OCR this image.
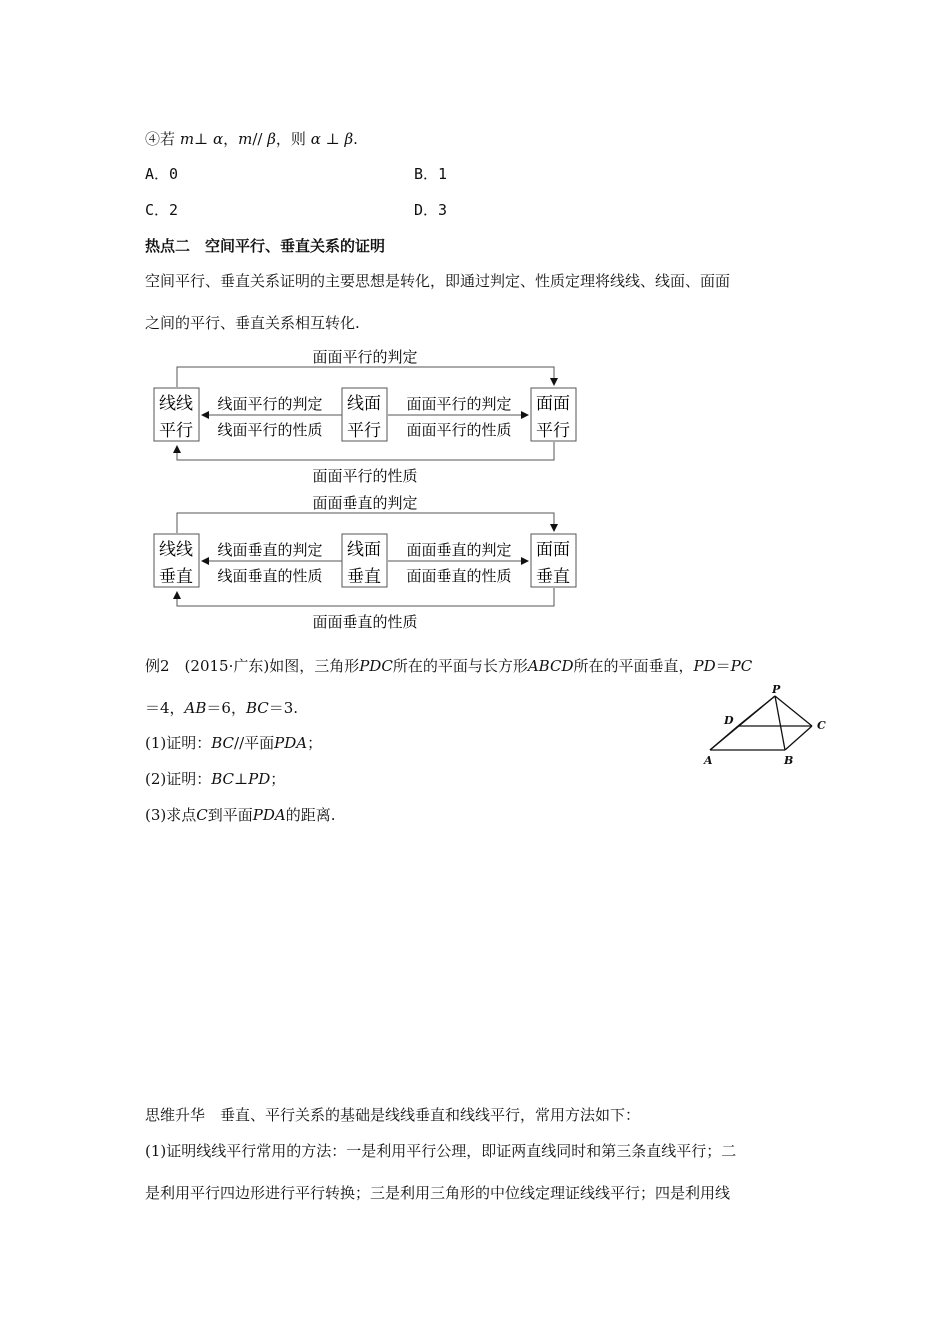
④若 m⊥ α，m// β，则 α ⊥ β.
A．0	B．1
C．2	D．3
热点二　空间平行、垂直关系的证明
空间平行、垂直关系证明的主要思想是转化，即通过判定、性质定理将线线、线面、面面
之间的平行、垂直关系相互转化.
面面平行的判定
面面平行的性质
线线
平行
线面
平行
面面
平行
线面平行的判定
线面平行的性质
面面平行的判定
面面平行的性质
面面垂直的判定
面面垂直的性质
线线
垂直
线面
垂直
面面
垂直
线面垂直的判定
线面垂直的性质
面面垂直的判定
面面垂直的性质
例2　(2015·广东)如图，三角形PDC所在的平面与长方形ABCD所在的平面垂直，PD＝PC
＝4，AB＝6，BC＝3.
(1)证明：BC//平面PDA；
(2)证明：BC⊥PD；
(3)求点C到平面PDA的距离.
P
D	C
A	B
思维升华　垂直、平行关系的基础是线线垂直和线线平行，常用方法如下：
(1)证明线线平行常用的方法：一是利用平行公理，即证两直线同时和第三条直线平行；二
是利用平行四边形进行平行转换；三是利用三角形的中位线定理证线线平行；四是利用线
